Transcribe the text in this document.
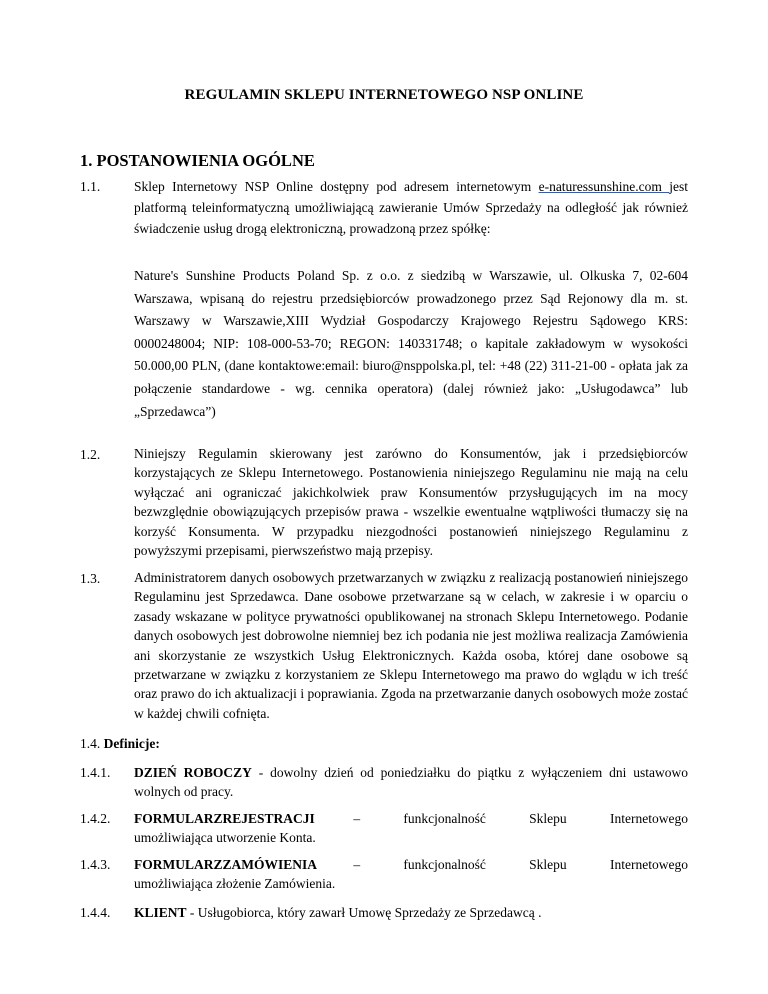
REGULAMIN SKLEPU INTERNETOWEGO NSP ONLINE
1. POSTANOWIENIA OGÓLNE
1.1.	Sklep Internetowy NSP Online dostępny pod adresem internetowym e-naturessunshine.com jest platformą teleinformatyczną umożliwiającą zawieranie Umów Sprzedaży na odległość jak również świadczenie usług drogą elektroniczną, prowadzoną przez spółkę:
Nature's Sunshine Products Poland Sp. z o.o. z siedzibą w Warszawie, ul. Olkuska 7, 02-604 Warszawa, wpisaną do rejestru przedsiębiorców prowadzonego przez Sąd Rejonowy dla m. st. Warszawy w Warszawie,XIII Wydział Gospodarczy Krajowego Rejestru Sądowego KRS: 0000248004; NIP: 108-000-53-70; REGON: 140331748; o kapitale zakładowym w wysokości 50.000,00 PLN, (dane kontaktowe:email: biuro@nsppolska.pl, tel: +48 (22) 311-21-00 - opłata jak za połączenie standardowe - wg. cennika operatora) (dalej również jako: „Usługodawca” lub „Sprzedawca”)
1.2.	Niniejszy Regulamin skierowany jest zarówno do Konsumentów, jak i przedsiębiorców korzystających ze Sklepu Internetowego. Postanowienia niniejszego Regulaminu nie mają na celu wyłączać ani ograniczać jakichkolwiek praw Konsumentów przysługujących im na mocy bezwzględnie obowiązujących przepisów prawa - wszelkie ewentualne wątpliwości tłumaczy się na korzyść Konsumenta. W przypadku niezgodności postanowień niniejszego Regulaminu z powyższymi przepisami, pierwszeństwo mają przepisy.
1.3.	Administratorem danych osobowych przetwarzanych w związku z realizacją postanowień niniejszego Regulaminu jest Sprzedawca. Dane osobowe przetwarzane są w celach, w zakresie i w oparciu o zasady wskazane w polityce prywatności opublikowanej na stronach Sklepu Internetowego. Podanie danych osobowych jest dobrowolne niemniej bez ich podania nie jest możliwa realizacja Zamówienia ani skorzystanie ze wszystkich Usług Elektronicznych. Każda osoba, której dane osobowe są przetwarzane w związku z korzystaniem ze Sklepu Internetowego ma prawo do wglądu w ich treść oraz prawo do ich aktualizacji i poprawiania. Zgoda na przetwarzanie danych osobowych może zostać w każdej chwili cofnięta.
1.4. Definicje:
1.4.1. DZIEŃ ROBOCZY - dowolny dzień od poniedziałku do piątku z wyłączeniem dni ustawowo wolnych od pracy.
1.4.2. FORMULARZ REJESTRACJI	–	funkcjonalność	Sklepu	Internetowego
umożliwiająca utworzenie Konta.
1.4.3. FORMULARZ ZAMÓWIENIA	–	funkcjonalność	Sklepu	Internetowego
umożliwiająca złożenie Zamówienia.
1.4.4. KLIENT - Usługobiorca, który zawarł Umowę Sprzedaży ze Sprzedawcą .
